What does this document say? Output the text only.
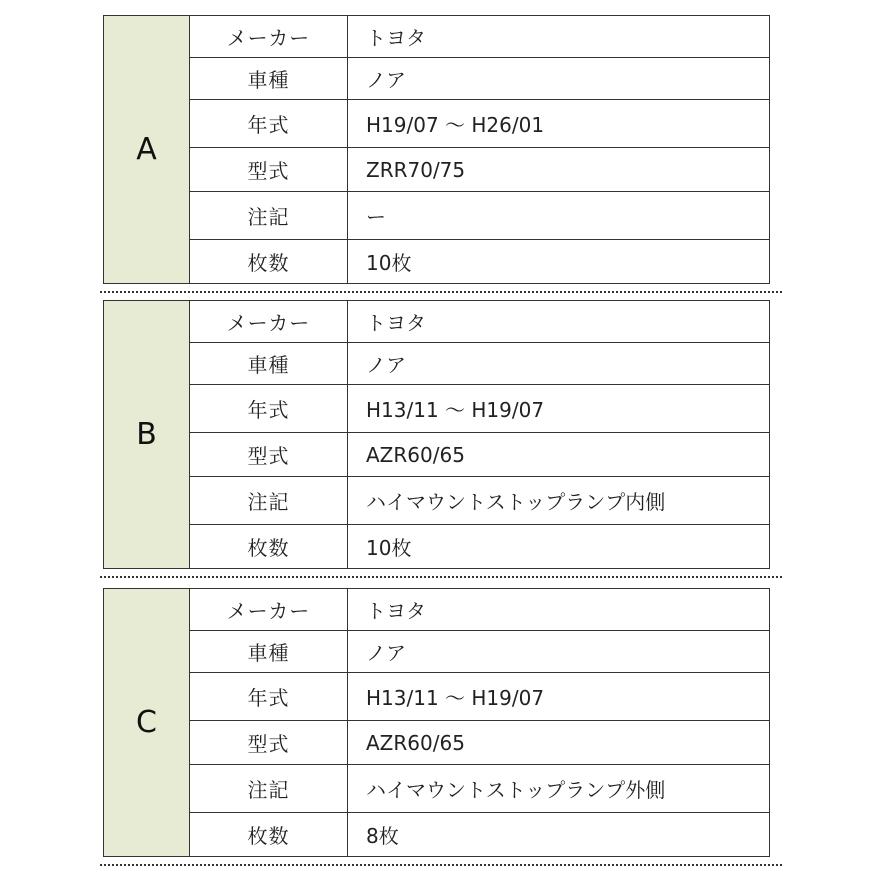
A
メーカー	トヨタ
車種	ノア
年式	H19/07 〜 H26/01
型式	ZRR70/75
注記	ー
枚数	10枚
B
メーカー	トヨタ
車種	ノア
年式	H13/11 〜 H19/07
型式	AZR60/65
注記	ハイマウントストップランプ内側
枚数	10枚
C
メーカー	トヨタ
車種	ノア
年式	H13/11 〜 H19/07
型式	AZR60/65
注記	ハイマウントストップランプ外側
枚数	8枚
